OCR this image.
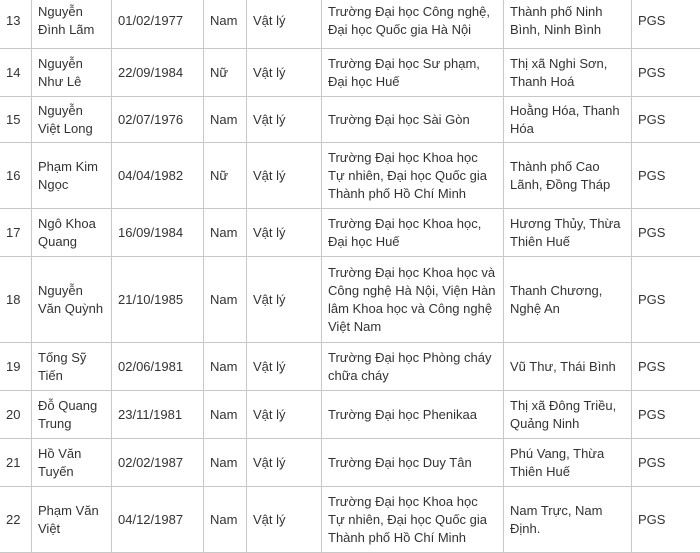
13	Nguyễn Đình Lãm	01/02/1977	Nam	Vật lý	Trường Đại học Công nghệ, Đại học Quốc gia Hà Nội	Thành phố Ninh Bình, Ninh Bình	PGS
14	Nguyễn Như Lê	22/09/1984	Nữ	Vật lý	Trường Đại học Sư phạm, Đại học Huế	Thị xã Nghi Sơn, Thanh Hoá	PGS
15	Nguyễn Việt Long	02/07/1976	Nam	Vật lý	Trường Đại học Sài Gòn	Hoằng Hóa, Thanh Hóa	PGS
16	Phạm Kim Ngọc	04/04/1982	Nữ	Vật lý	Trường Đại học Khoa học Tự nhiên, Đại học Quốc gia Thành phố Hồ Chí Minh	Thành phố Cao Lãnh, Đồng Tháp	PGS
17	Ngô Khoa Quang	16/09/1984	Nam	Vật lý	Trường Đại học Khoa học, Đại học Huế	Hương Thủy, Thừa Thiên Huế	PGS
18	Nguyễn Văn Quỳnh	21/10/1985	Nam	Vật lý	Trường Đại học Khoa học và Công nghệ Hà Nội, Viện Hàn lâm Khoa học và Công nghệ Việt Nam	Thanh Chương, Nghệ An	PGS
19	Tống Sỹ Tiến	02/06/1981	Nam	Vật lý	Trường Đại học Phòng cháy chữa cháy	Vũ Thư, Thái Bình	PGS
20	Đỗ Quang Trung	23/11/1981	Nam	Vật lý	Trường Đại học Phenikaa	Thị xã Đông Triều, Quảng Ninh	PGS
21	Hồ Văn Tuyến	02/02/1987	Nam	Vật lý	Trường Đại học Duy Tân	Phú Vang, Thừa Thiên Huế	PGS
22	Phạm Văn Việt	04/12/1987	Nam	Vật lý	Trường Đại học Khoa học Tự nhiên, Đại học Quốc gia Thành phố Hồ Chí Minh	Nam Trực, Nam Định.	PGS
